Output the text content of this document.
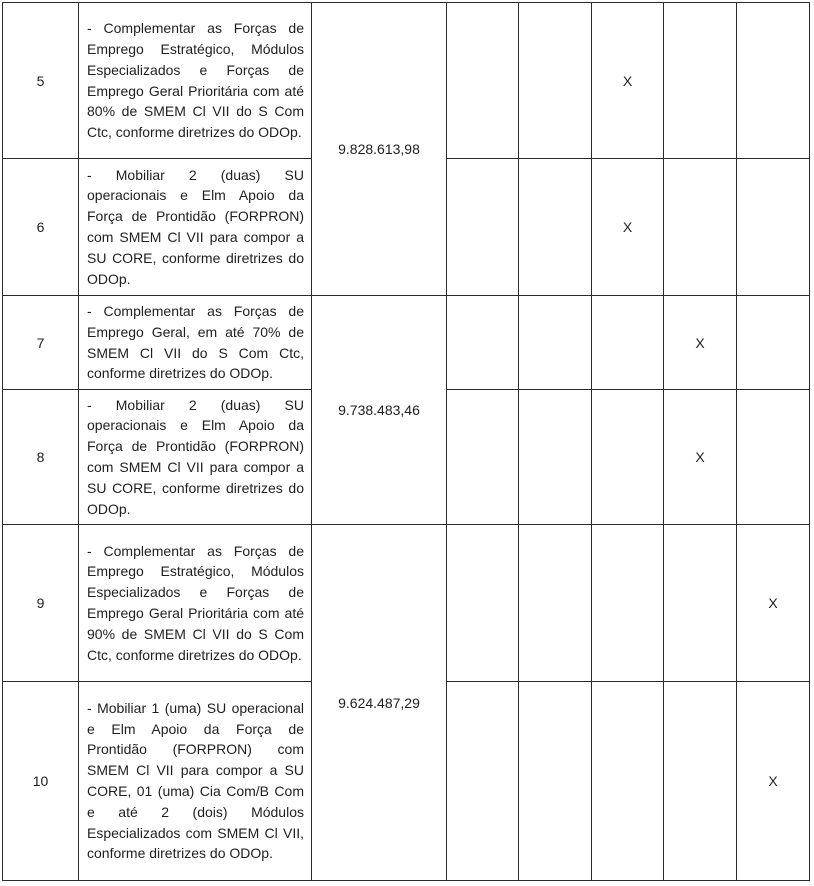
5	- Complementar as Forças de Emprego Estratégico, Módulos Especializados e Forças de Emprego Geral Prioritária com até 80% de SMEM Cl VII do S Com Ctc, conforme diretrizes do ODOp.	9.828.613,98			X		
6	- Mobiliar 2 (duas) SU operacionais e Elm Apoio da Força de Prontidão (FORPRON) com SMEM Cl VII para compor a SU CORE, conforme diretrizes do ODOp.				X		
7	- Complementar as Forças de Emprego Geral, em até 70% de SMEM Cl VII do S Com Ctc, conforme diretrizes do ODOp.	9.738.483,46				X	
8	- Mobiliar 2 (duas) SU operacionais e Elm Apoio da Força de Prontidão (FORPRON) com SMEM Cl VII para compor a SU CORE, conforme diretrizes do ODOp.					X	
9	- Complementar as Forças de Emprego Estratégico, Módulos Especializados e Forças de Emprego Geral Prioritária com até 90% de SMEM Cl VII do S Com Ctc, conforme diretrizes do ODOp.	9.624.487,29					X
10	- Mobiliar 1 (uma) SU operacional e Elm Apoio da Força de Prontidão (FORPRON) com SMEM Cl VII para compor a SU CORE, 01 (uma) Cia Com/B Com e até 2 (dois) Módulos Especializados com SMEM Cl VII, conforme diretrizes do ODOp.						X
